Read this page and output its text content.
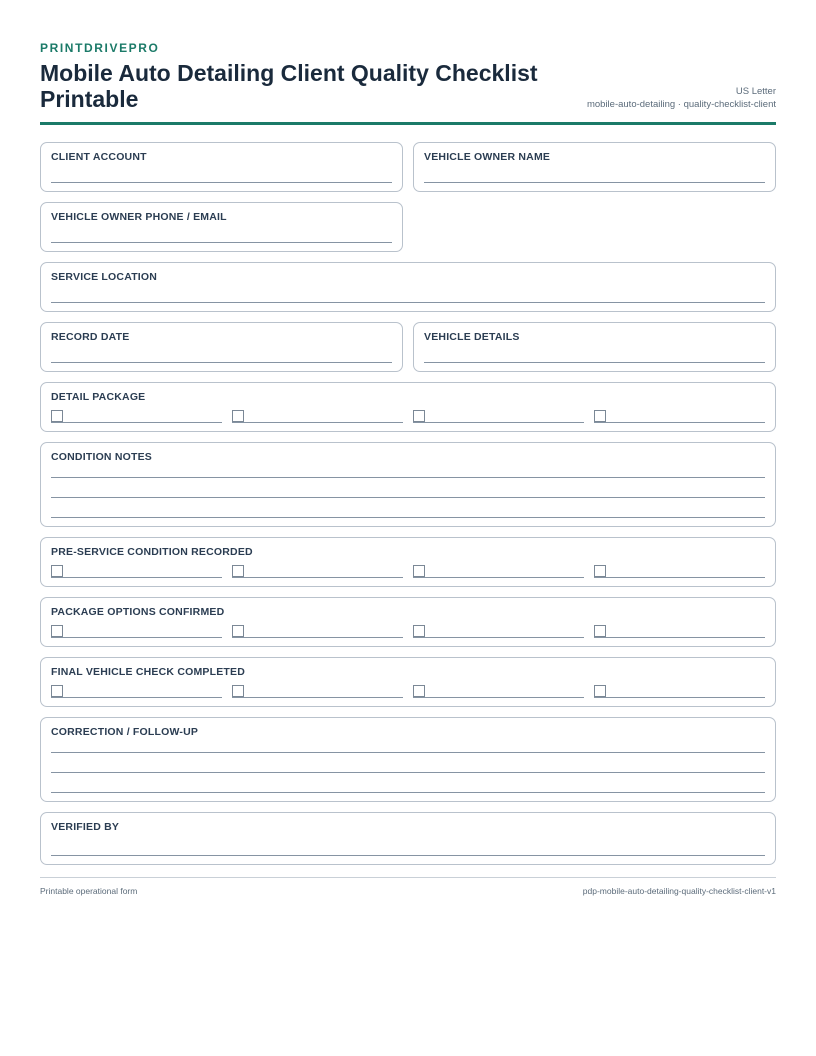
PRINTDRIVEPRO
Mobile Auto Detailing Client Quality Checklist Printable	US Letter
mobile-auto-detailing · quality-checklist-client
CLIENT ACCOUNT	VEHICLE OWNER NAME
VEHICLE OWNER PHONE / EMAIL
SERVICE LOCATION
RECORD DATE	VEHICLE DETAILS
DETAIL PACKAGE
CONDITION NOTES
PRE-SERVICE CONDITION RECORDED
PACKAGE OPTIONS CONFIRMED
FINAL VEHICLE CHECK COMPLETED
CORRECTION / FOLLOW-UP
VERIFIED BY
Printable operational form	pdp-mobile-auto-detailing-quality-checklist-client-v1
